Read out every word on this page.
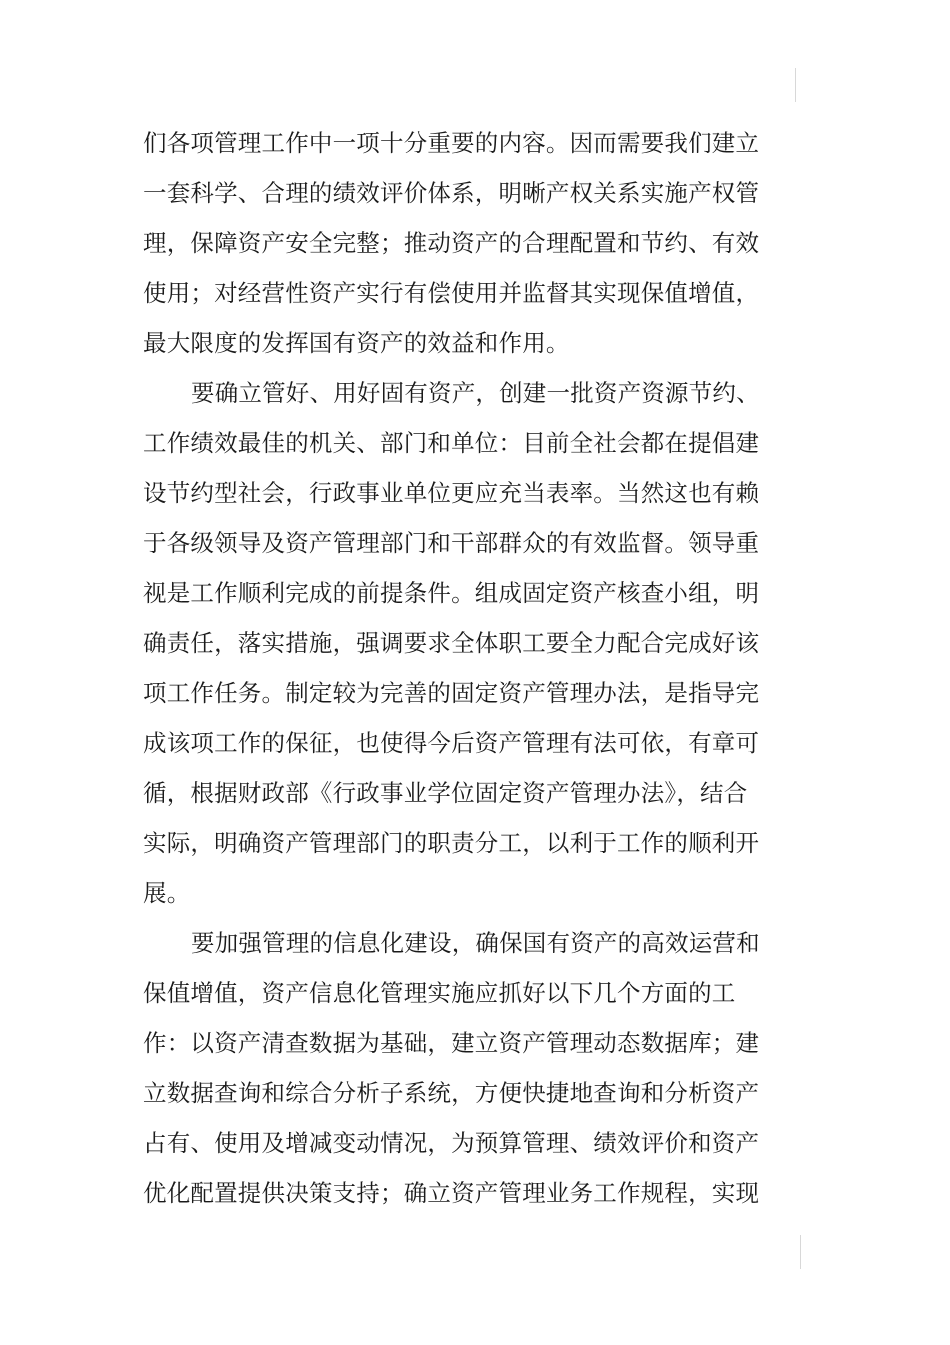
们各项管理工作中一项十分重要的内容。因而需要我们建立
一套科学、合理的绩效评价体系，明晰产权关系实施产权管
理，保障资产安全完整；推动资产的合理配置和节约、有效
使用；对经营性资产实行有偿使用并监督其实现保值增值，
最大限度的发挥国有资产的效益和作用。
要确立管好、用好固有资产，创建一批资产资源节约、
工作绩效最佳的机关、部门和单位：目前全社会都在提倡建
设节约型社会，行政事业单位更应充当表率。当然这也有赖
于各级领导及资产管理部门和干部群众的有效监督。领导重
视是工作顺利完成的前提条件。组成固定资产核查小组，明
确责任，落实措施，强调要求全体职工要全力配合完成好该
项工作任务。制定较为完善的固定资产管理办法，是指导完
成该项工作的保征，也使得今后资产管理有法可依，有章可
循，根据财政部《行政事业学位固定资产管理办法》，结合
实际，明确资产管理部门的职责分工，以利于工作的顺利开
展。
要加强管理的信息化建设，确保国有资产的高效运营和
保值增值，资产信息化管理实施应抓好以下几个方面的工
作：以资产清查数据为基础，建立资产管理动态数据库；建
立数据查询和综合分析子系统，方便快捷地查询和分析资产
占有、使用及增减变动情况，为预算管理、绩效评价和资产
优化配置提供决策支持；确立资产管理业务工作规程，实现
